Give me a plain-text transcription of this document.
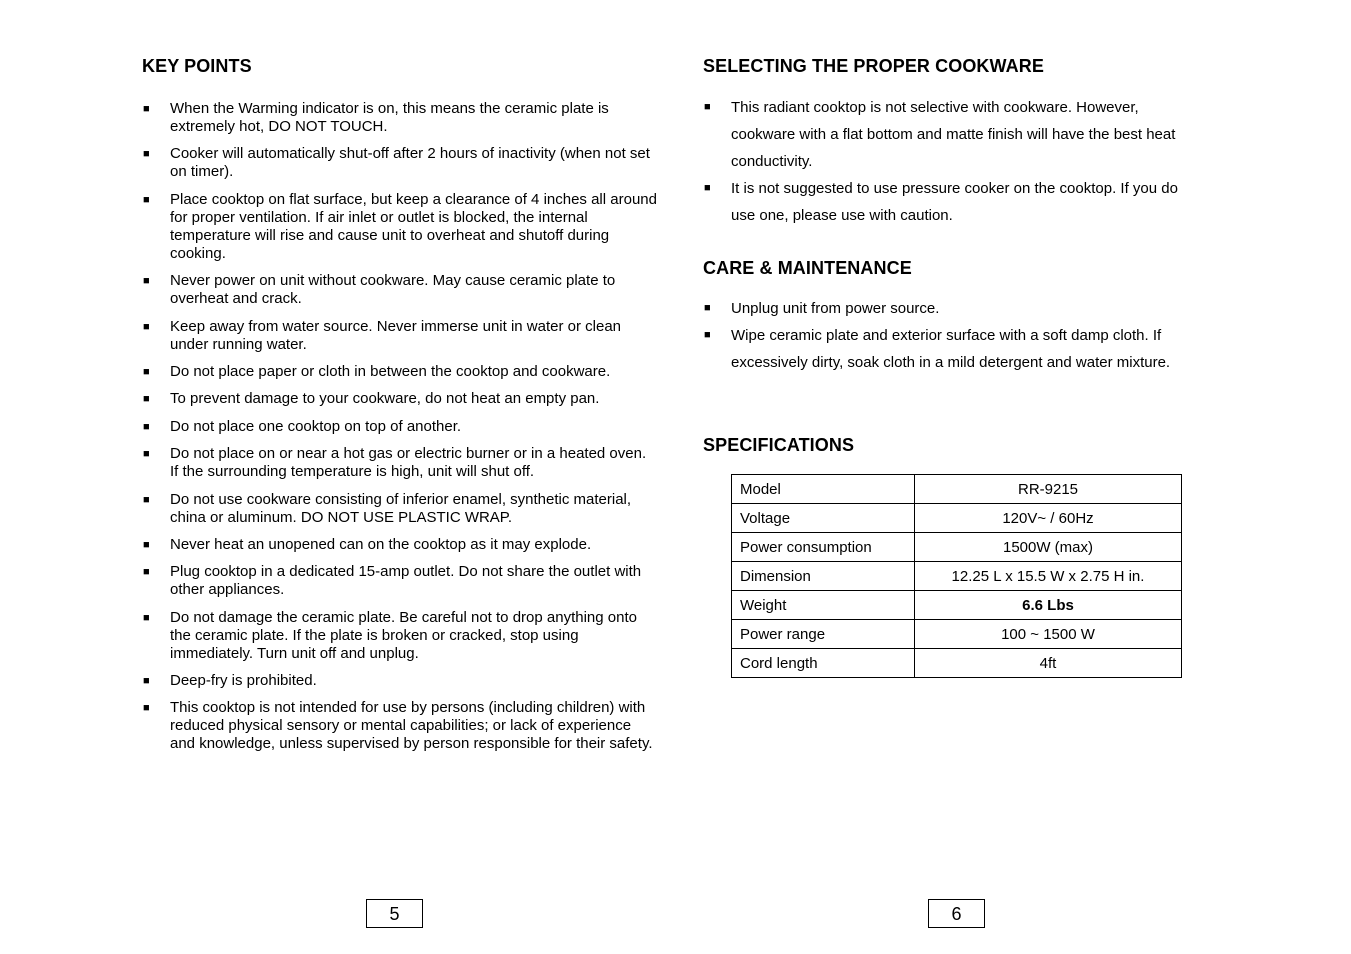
KEY POINTS
■ When the Warming indicator is on, this means the ceramic plate is extremely hot, DO NOT TOUCH.
■ Cooker will automatically shut-off after 2 hours of inactivity (when not set on timer).
■ Place cooktop on flat surface, but keep a clearance of 4 inches all around for proper ventilation. If air inlet or outlet is blocked, the internal temperature will rise and cause unit to overheat and shutoff during cooking.
■ Never power on unit without cookware. May cause ceramic plate to overheat and crack.
■ Keep away from water source. Never immerse unit in water or clean under running water.
■ Do not place paper or cloth in between the cooktop and cookware.
■ To prevent damage to your cookware, do not heat an empty pan.
■ Do not place one cooktop on top of another.
■ Do not place on or near a hot gas or electric burner or in a heated oven. If the surrounding temperature is high, unit will shut off.
■ Do not use cookware consisting of inferior enamel, synthetic material, china or aluminum. DO NOT USE PLASTIC WRAP.
■ Never heat an unopened can on the cooktop as it may explode.
■ Plug cooktop in a dedicated 15-amp outlet. Do not share the outlet with other appliances.
■ Do not damage the ceramic plate. Be careful not to drop anything onto the ceramic plate. If the plate is broken or cracked, stop using immediately. Turn unit off and unplug.
■ Deep-fry is prohibited.
■ This cooktop is not intended for use by persons (including children) with reduced physical sensory or mental capabilities; or lack of experience and knowledge, unless supervised by person responsible for their safety.
SELECTING THE PROPER COOKWARE
■ This radiant cooktop is not selective with cookware. However, cookware with a flat bottom and matte finish will have the best heat conductivity.
■ It is not suggested to use pressure cooker on the cooktop. If you do use one, please use with caution.
CARE & MAINTENANCE
■ Unplug unit from power source.
■ Wipe ceramic plate and exterior surface with a soft damp cloth. If excessively dirty, soak cloth in a mild detergent and water mixture.
SPECIFICATIONS
Model	RR-9215
Voltage	120V~ / 60Hz
Power consumption	1500W (max)
Dimension	12.25 L x 15.5 W x 2.75 H in.
Weight	6.6 Lbs
Power range	100 ~ 1500 W
Cord length	4ft
5	6
